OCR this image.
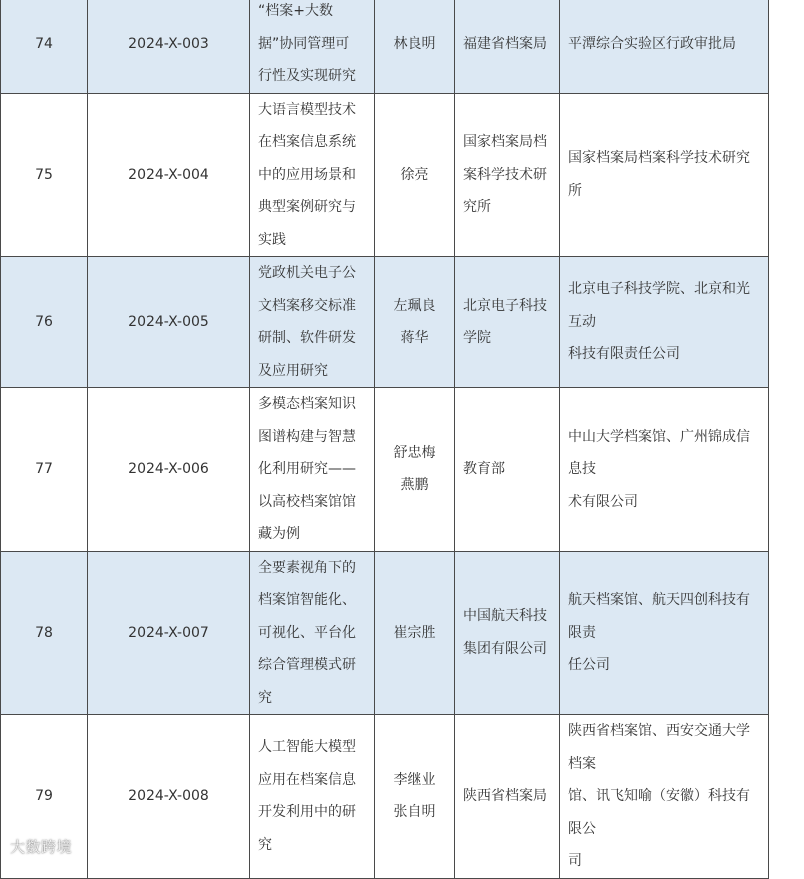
74	2024-X-003	“档案+大数
据”协同管理可
行性及实现研究	林良明	福建省档案局	平潭综合实验区行政审批局

75	2024-X-004	大语言模型技术
在档案信息系统
中的应用场景和
典型案例研究与
实践	徐亮	国家档案局档
案科学技术研
究所	国家档案局档案科学技术研究所

76	2024-X-005	党政机关电子公
文档案移交标准
研制、软件研发
及应用研究	左珮良
蒋华	北京电子科技
学院	北京电子科技学院、北京和光互动
科技有限责任公司

77	2024-X-006	多模态档案知识
图谱构建与智慧
化利用研究——
以高校档案馆馆
藏为例	舒忠梅
燕鹏	教育部	中山大学档案馆、广州锦成信息技
术有限公司

78	2024-X-007	全要素视角下的
档案馆智能化、
可视化、平台化
综合管理模式研
究	崔宗胜	中国航天科技
集团有限公司	航天档案馆、航天四创科技有限责
任公司

79	2024-X-008	人工智能大模型
应用在档案信息
开发利用中的研
究	李继业
张自明	陕西省档案局	陕西省档案馆、西安交通大学档案
馆、讯飞知喻（安徽）科技有限公
司
大数跨境
